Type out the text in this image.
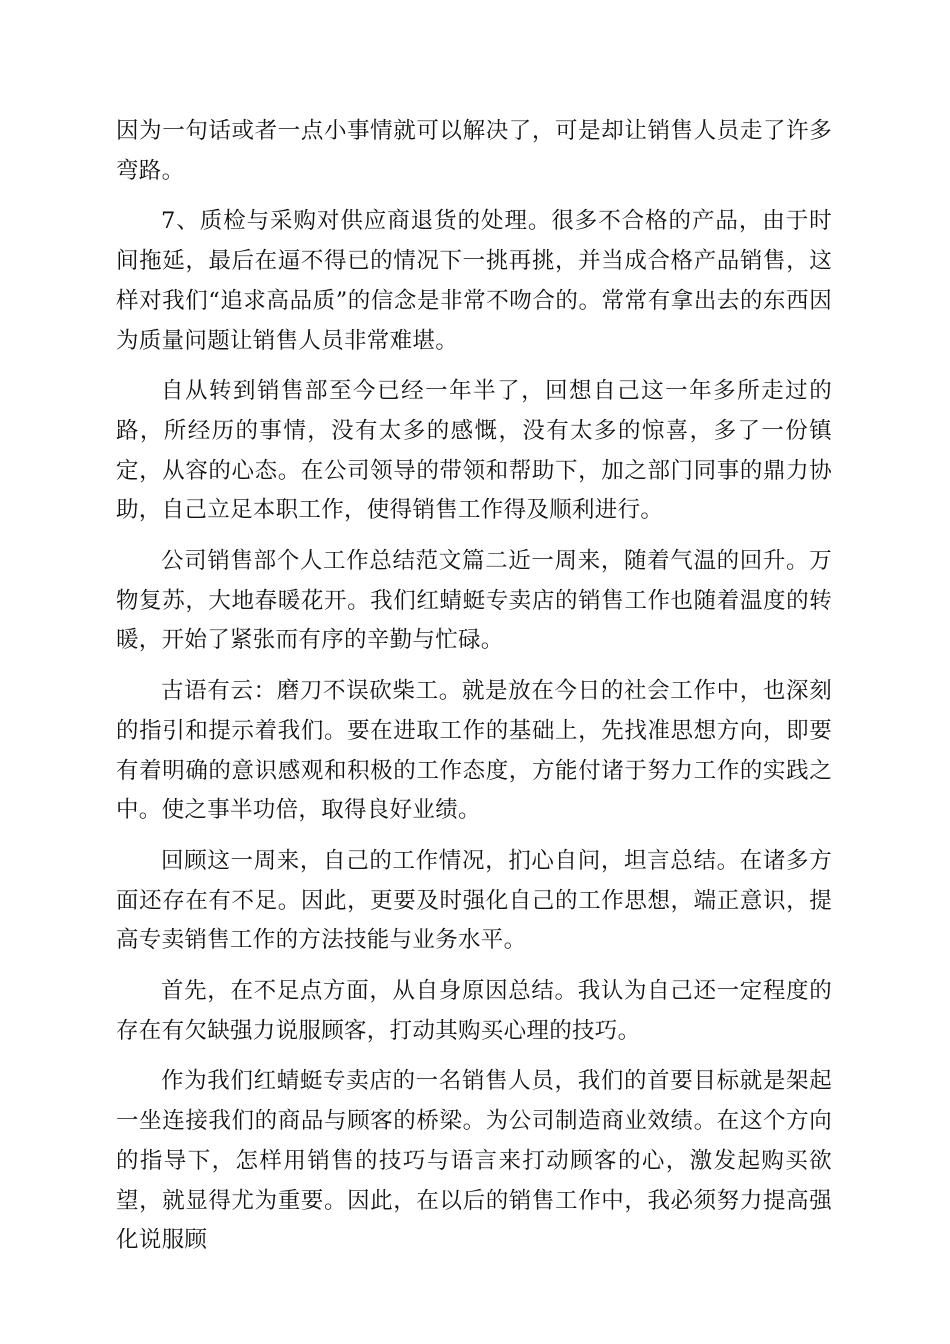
因为一句话或者一点小事情就可以解决了，可是却让销售人员走了许多弯路。

7、质检与采购对供应商退货的处理。很多不合格的产品，由于时间拖延，最后在逼不得已的情况下一挑再挑，并当成合格产品销售，这样对我们“追求高品质”的信念是非常不吻合的。常常有拿出去的东西因为质量问题让销售人员非常难堪。

自从转到销售部至今已经一年半了，回想自己这一年多所走过的路，所经历的事情，没有太多的感慨，没有太多的惊喜，多了一份镇定，从容的心态。在公司领导的带领和帮助下，加之部门同事的鼎力协助，自己立足本职工作，使得销售工作得及顺利进行。

公司销售部个人工作总结范文篇二近一周来，随着气温的回升。万物复苏，大地春暖花开。我们红蜻蜓专卖店的销售工作也随着温度的转暖，开始了紧张而有序的辛勤与忙碌。

古语有云：磨刀不误砍柴工。就是放在今日的社会工作中，也深刻的指引和提示着我们。要在进取工作的基础上，先找准思想方向，即要有着明确的意识感观和积极的工作态度，方能付诸于努力工作的实践之中。使之事半功倍，取得良好业绩。

回顾这一周来，自己的工作情况，扪心自问，坦言总结。在诸多方面还存在有不足。因此，更要及时强化自己的工作思想，端正意识，提高专卖销售工作的方法技能与业务水平。

首先，在不足点方面，从自身原因总结。我认为自己还一定程度的存在有欠缺强力说服顾客，打动其购买心理的技巧。

作为我们红蜻蜓专卖店的一名销售人员，我们的首要目标就是架起一坐连接我们的商品与顾客的桥梁。为公司制造商业效绩。在这个方向的指导下，怎样用销售的技巧与语言来打动顾客的心，激发起购买欲望，就显得尤为重要。因此，在以后的销售工作中，我必须努力提高强化说服顾
